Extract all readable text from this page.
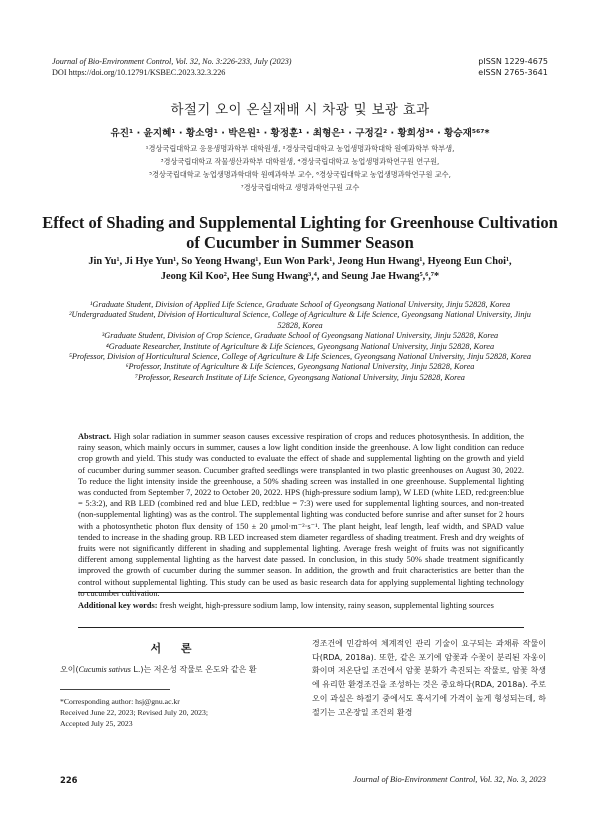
Journal of Bio-Environment Control, Vol. 32, No. 3:226-233, July (2023)
DOI https://doi.org/10.12791/KSBEC.2023.32.3.226
pISSN 1229-4675
eISSN 2765-3641
하절기 오이 온실재배 시 차광 및 보광 효과
유진¹ · 윤지혜¹ · 황소영¹ · 박은원¹ · 황정훈¹ · 최형은¹ · 구정길² · 황희성³⁴ · 황승재⁵⁶⁷*
¹경상국립대학교 응용생명과학부 대학원생, ²경상국립대학교 농업생명과학대학 원예과학부 학부생,
³경상국립대학교 작물생산과학부 대학원생, ⁴경상국립대학교 농업생명과학연구원 연구원,
⁵경상국립대학교 농업생명과학대학 원예과학부 교수, ⁶경상국립대학교 농업생명과학연구원 교수,
⁷경상국립대학교 생명과학연구원 교수
Effect of Shading and Supplemental Lighting for Greenhouse Cultivation
of Cucumber in Summer Season
Jin Yu¹, Ji Hye Yun¹, So Yeong Hwang¹, Eun Won Park¹, Jeong Hun Hwang¹, Hyeong Eun Choi¹,
Jeong Kil Koo², Hee Sung Hwang³,⁴, and Seung Jae Hwang⁵,⁶,⁷*
¹Graduate Student, Division of Applied Life Science, Graduate School of Gyeongsang National University, Jinju 52828, Korea
²Undergraduated Student, Division of Horticultural Science, College of Agriculture & Life Science, Gyeongsang National University, Jinju 52828, Korea
³Graduate Student, Division of Crop Science, Graduate School of Gyeongsang National University, Jinju 52828, Korea
⁴Graduate Researcher, Institute of Agriculture & Life Sciences, Gyeongsang National University, Jinju 52828, Korea
⁵Professor, Division of Horticultural Science, College of Agriculture & Life Sciences, Gyeongsang National University, Jinju 52828, Korea
⁶Professor, Institute of Agriculture & Life Sciences, Gyeongsang National University, Jinju 52828, Korea
⁷Professor, Research Institute of Life Science, Gyeongsang National University, Jinju 52828, Korea
Abstract. High solar radiation in summer season causes excessive respiration of crops and reduces photosynthesis. In addition, the rainy season, which mainly occurs in summer, causes a low light condition inside the greenhouse. A low light condition can reduce crop growth and yield. This study was conducted to evaluate the effect of shade and supplemental lighting on the growth and yield of cucumber during summer season. Cucumber grafted seedlings were transplanted in two plastic greenhouses on August 30, 2022. To reduce the light intensity inside the greenhouse, a 50% shading screen was installed in one greenhouse. Supplemental lighting was conducted from September 7, 2022 to October 20, 2022. HPS (high-pressure sodium lamp), W LED (white LED, red:green:blue = 5:3:2), and RB LED (combined red and blue LED, red:blue = 7:3) were used for supplemental lighting sources, and non-treated (non-supplemental lighting) was as the control. The supplemental lighting was conducted before sunrise and after sunset for 2 hours with a photosynthetic photon flux density of 150 ± 20 μmol·m⁻²·s⁻¹. The plant height, leaf length, leaf width, and SPAD value tended to increase in the shading group. RB LED increased stem diameter regardless of shading treatment. Fresh and dry weights of fruits were not significantly different in shading and supplemental lighting. Average fresh weight of fruits was not significantly different among supplemental lighting as the harvest date passed. In conclusion, in this study 50% shade treatment significantly improved the growth of cucumber during the summer season. In addition, the growth and fruit characteristics are better than the control without supplemental lighting. This study can be used as basic research data for applying supplemental lighting technology to cucumber cultivation.
Additional key words: fresh weight, high-pressure sodium lamp, low intensity, rainy season, supplemental lighting sources
서 론
오이(Cucumis sativus L.)는 저온성 작물로 온도와 같은 환
*Corresponding author: hsj@gnu.ac.kr
Received June 22, 2023; Revised July 20, 2023;
Accepted July 25, 2023
경조건에 민감하여 체계적인 관리 기술이 요구되는 과채류 작물이다(RDA, 2018a). 또한, 같은 포기에 암꽃과 수꽃이 분리된 자웅이화이며 저온단일 조건에서 암꽃 분화가 촉진되는 작물로, 암꽃 착생에 유리한 환경조건을 조성하는 것은 중요하다(RDA, 2018a). 주로 오이 과실은 하절기 중에서도 혹서기에 가격이 높게 형성되는데, 하절기는 고온장일 조건의 환경
226	Journal of Bio-Environment Control, Vol. 32, No. 3, 2023
